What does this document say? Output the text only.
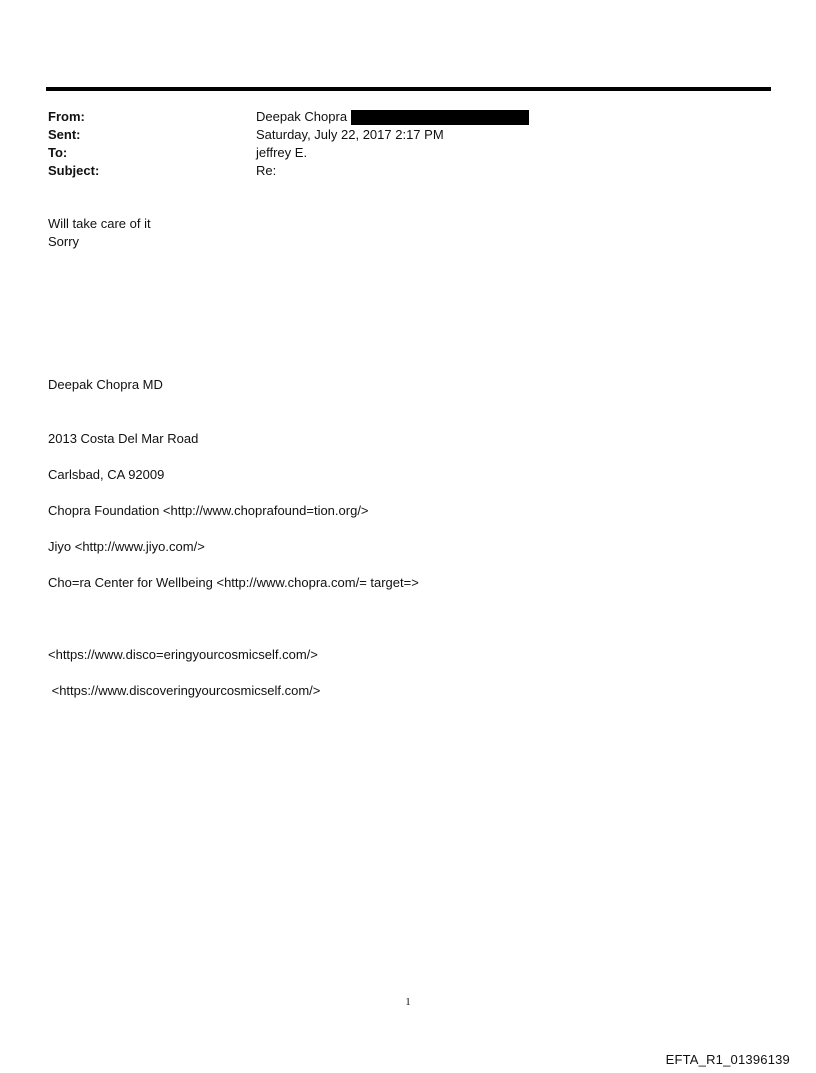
From:	Deepak Chopra
Sent:	Saturday, July 22, 2017 2:17 PM
To:	jeffrey E.
Subject:	Re:
Will take care of it
Sorry
Deepak Chopra MD
2013 Costa Del Mar Road
Carlsbad, CA 92009
Chopra Foundation <http://www.choprafound=tion.org/>
Jiyo <http://www.jiyo.com/>
Cho=ra Center for Wellbeing <http://www.chopra.com/= target=>
<https://www.disco=eringyourcosmicself.com/>
<https://www.discoveringyourcosmicself.com/>
1
EFTA_R1_01396139
